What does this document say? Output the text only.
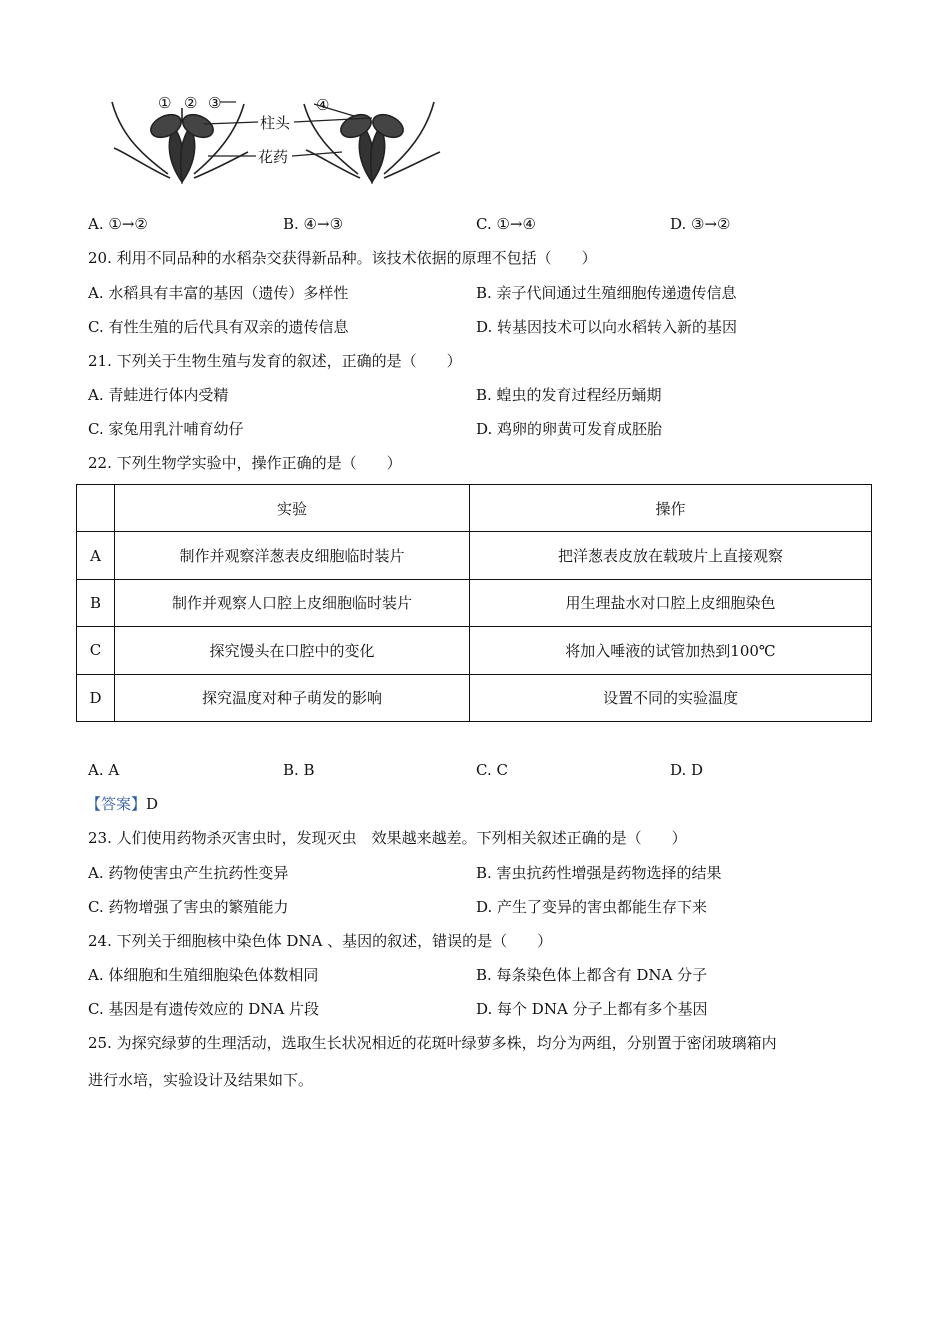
① ② ③	④
柱头
花药
A. ①→②	B. ④→③	C. ①→④	D. ③→②
20. 利用不同品种的水稻杂交获得新品种。该技术依据的原理不包括（　　）
A. 水稻具有丰富的基因（遗传）多样性	B. 亲子代间通过生殖细胞传递遗传信息
C. 有性生殖的后代具有双亲的遗传信息	D. 转基因技术可以向水稻转入新的基因
21. 下列关于生物生殖与发育的叙述，正确的是（　　）
A. 青蛙进行体内受精	B. 蝗虫的发育过程经历蛹期
C. 家兔用乳汁哺育幼仔	D. 鸡卵的卵黄可发育成胚胎
22. 下列生物学实验中，操作正确的是（　　）
	实验	操作
A	制作并观察洋葱表皮细胞临时装片	把洋葱表皮放在载玻片上直接观察
B	制作并观察人口腔上皮细胞临时装片	用生理盐水对口腔上皮细胞染色
C	探究馒头在口腔中的变化	将加入唾液的试管加热到100℃
D	探究温度对种子萌发的影响	设置不同的实验温度
A. A	B. B	C. C	D. D
【答案】D
23. 人们使用药物杀灭害虫时，发现灭虫　效果越来越差。下列相关叙述正确的是（　　）
A. 药物使害虫产生抗药性变异	B. 害虫抗药性增强是药物选择的结果
C. 药物增强了害虫的繁殖能力	D. 产生了变异的害虫都能生存下来
24. 下列关于细胞核中染色体 DNA 、基因的叙述，错误的是（　　）
A. 体细胞和生殖细胞染色体数相同	B. 每条染色体上都含有 DNA 分子
C. 基因是有遗传效应的 DNA 片段	D. 每个 DNA 分子上都有多个基因
25. 为探究绿萝的生理活动，选取生长状况相近的花斑叶绿萝多株，均分为两组，分别置于密闭玻璃箱内
进行水培，实验设计及结果如下。
